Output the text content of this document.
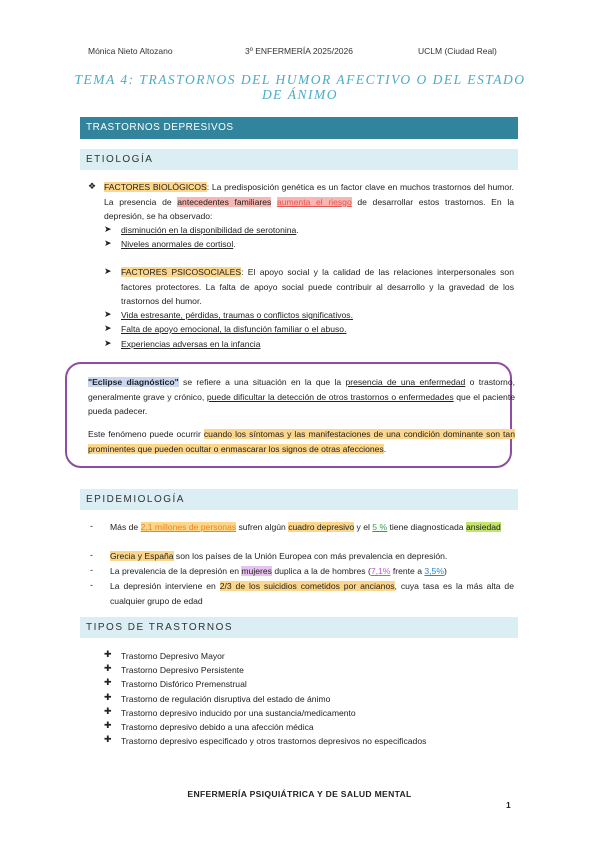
Mónica Nieto Altozano	3º ENFERMERÍA 2025/2026	UCLM (Ciudad Real)
TEMA 4: TRASTORNOS DEL HUMOR AFECTIVO O DEL ESTADO
DE ÁNIMO
TRASTORNOS DEPRESIVOS
ETIOLOGÍA
❖ FACTORES BIOLÓGICOS: La predisposición genética es un factor clave en muchos trastornos del humor. La presencia de antecedentes familiares aumenta el riesgo de desarrollar estos trastornos. En la depresión, se ha observado:
➤ disminución en la disponibilidad de serotonina.
➤ Niveles anormales de cortisol.
➤ FACTORES PSICOSOCIALES: El apoyo social y la calidad de las relaciones interpersonales son factores protectores. La falta de apoyo social puede contribuir al desarrollo y la gravedad de los trastornos del humor.
➤ Vida estresante, pérdidas, traumas o conflictos significativos.
➤ Falta de apoyo emocional, la disfunción familiar o el abuso.
➤ Experiencias adversas en la infancia
"Eclipse diagnóstico" se refiere a una situación en la que la presencia de una enfermedad o trastorno, generalmente grave y crónico, puede dificultar la detección de otros trastornos o enfermedades que el paciente pueda padecer.
Este fenómeno puede ocurrir cuando los síntomas y las manifestaciones de una condición dominante son tan prominentes que pueden ocultar o enmascarar los signos de otras afecciones.
EPIDEMIOLOGÍA
- Más de 2,1 millones de personas sufren algún cuadro depresivo y el 5 % tiene diagnosticada ansiedad
- Grecia y España son los países de la Unión Europea con más prevalencia en depresión.
- La prevalencia de la depresión en mujeres duplica a la de hombres (7,1% frente a 3,5%)
- La depresión interviene en 2/3 de los suicidios cometidos por ancianos, cuya tasa es la más alta de cualquier grupo de edad
TIPOS DE TRASTORNOS
✚ Trastorno Depresivo Mayor
✚ Trastorno Depresivo Persistente
✚ Trastorno Disfórico Premenstrual
✚ Trastorno de regulación disruptiva del estado de ánimo
✚ Trastorno depresivo inducido por una sustancia/medicamento
✚ Trastorno depresivo debido a una afección médica
✚ Trastorno depresivo especificado y otros trastornos depresivos no especificados
ENFERMERÍA PSIQUIÁTRICA Y DE SALUD MENTAL
1
